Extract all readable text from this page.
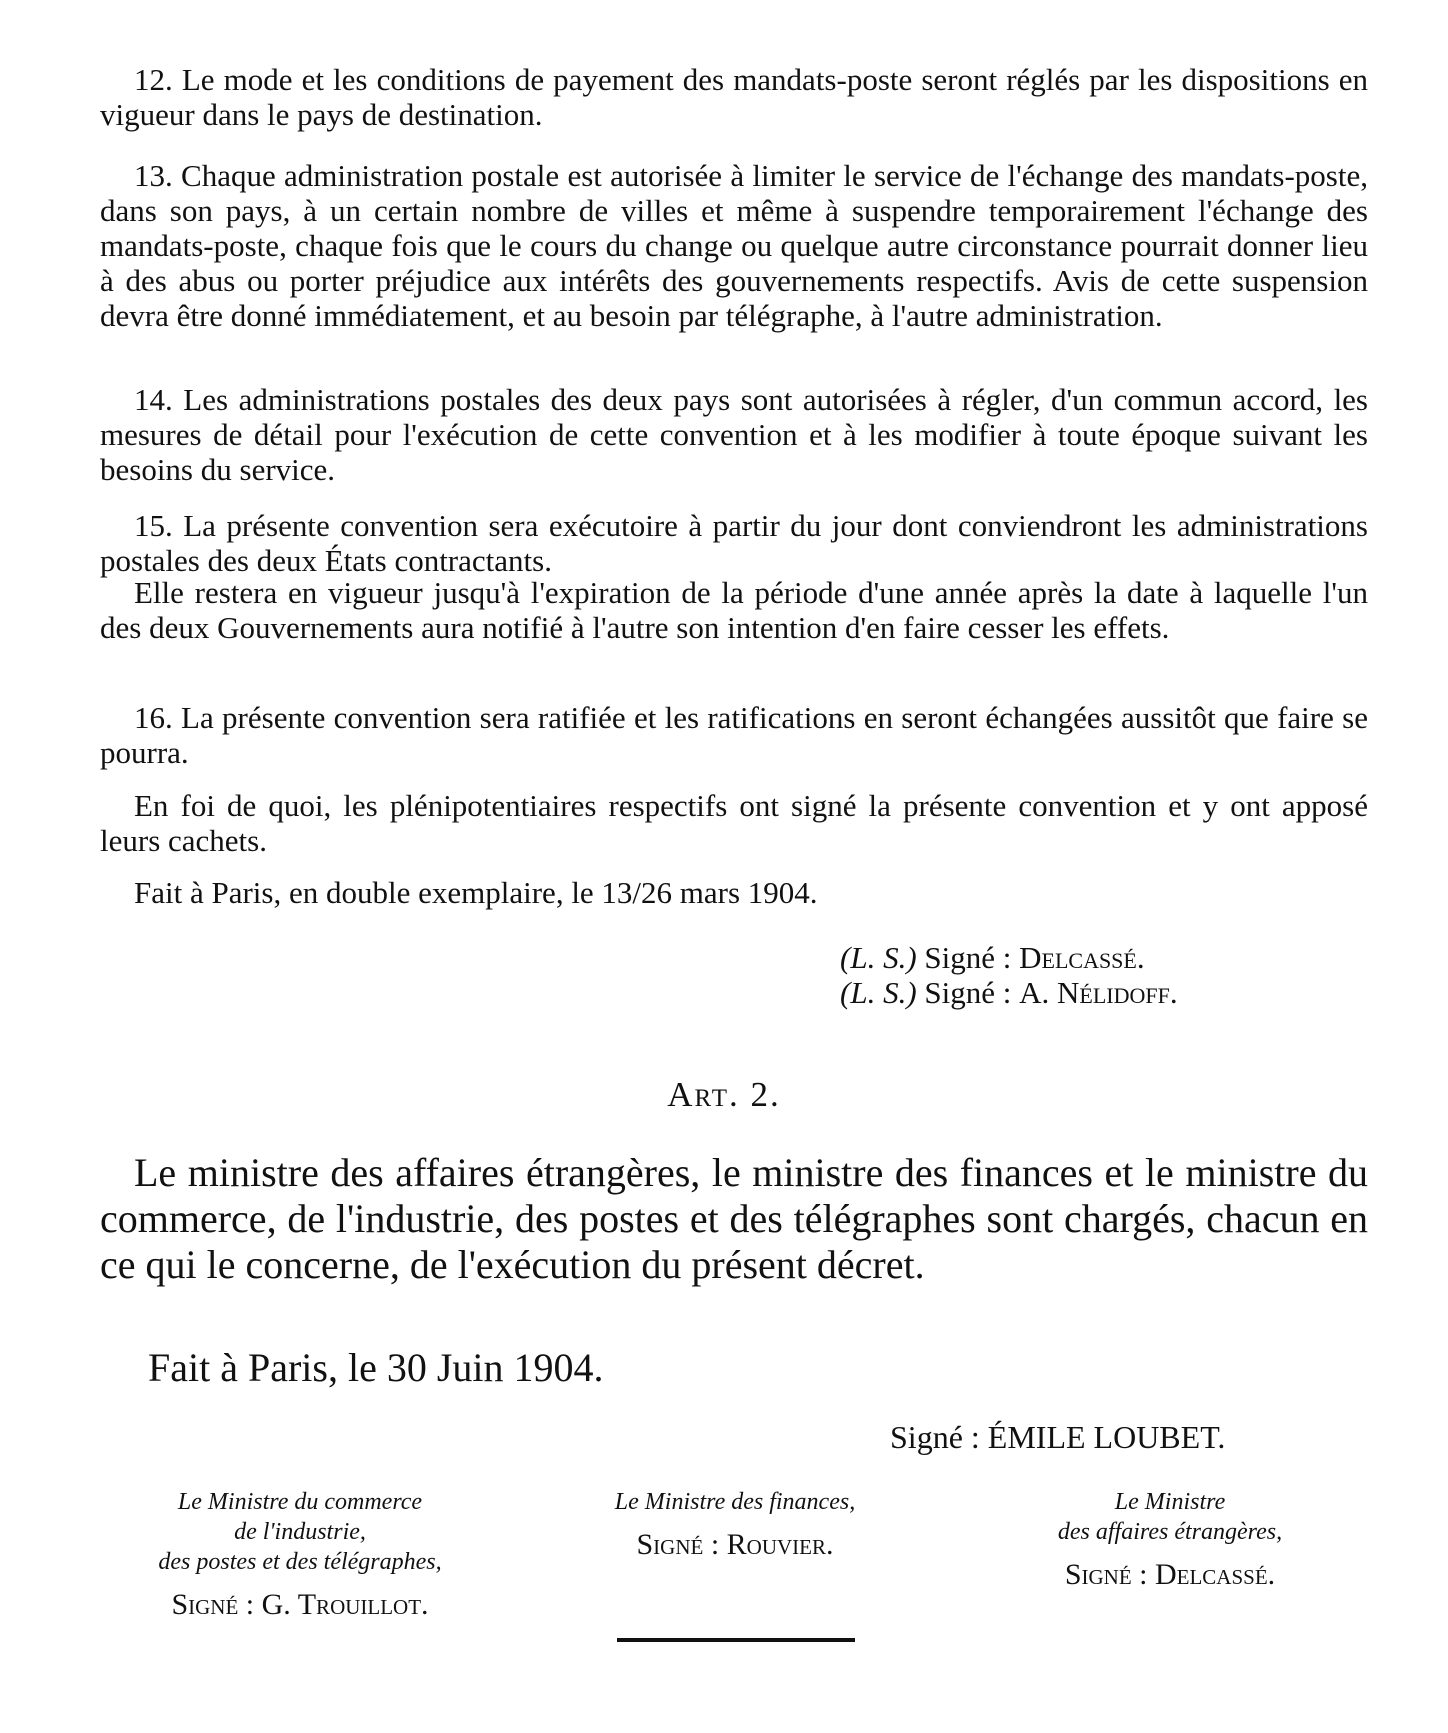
12. Le mode et les conditions de payement des mandats-poste seront réglés par les dispositions en vigueur dans le pays de destination.

13. Chaque administration postale est autorisée à limiter le service de l'échange des mandats-poste, dans son pays, à un certain nombre de villes et même à suspendre temporairement l'échange des mandats-poste, chaque fois que le cours du change ou quelque autre circonstance pourrait donner lieu à des abus ou porter préjudice aux intérêts des gouvernements respectifs. Avis de cette suspension devra être donné immédiatement, et au besoin par télégraphe, à l'autre administration.

14. Les administrations postales des deux pays sont autorisées à régler, d'un commun accord, les mesures de détail pour l'exécution de cette convention et à les modifier à toute époque suivant les besoins du service.

15. La présente convention sera exécutoire à partir du jour dont conviendront les administrations postales des deux États contractants.

Elle restera en vigueur jusqu'à l'expiration de la période d'une année après la date à laquelle l'un des deux Gouvernements aura notifié à l'autre son intention d'en faire cesser les effets.

16. La présente convention sera ratifiée et les ratifications en seront échangées aussitôt que faire se pourra.

En foi de quoi, les plénipotentiaires respectifs ont signé la présente convention et y ont apposé leurs cachets.

Fait à Paris, en double exemplaire, le 13/26 mars 1904.

(L. S.) Signé : Delcassé.
(L. S.) Signé : A. Nélidoff.
Art. 2.

Le ministre des affaires étrangères, le ministre des finances et le ministre du commerce, de l'industrie, des postes et des télégraphes sont chargés, chacun en ce qui le concerne, de l'exécution du présent décret.

Fait à Paris, le 30 Juin 1904.
Signé : ÉMILE LOUBET.
Le Ministre du commerce
de l'industrie,
des postes et des télégraphes,
Signé : G. Trouillot.
Le Ministre des finances,
Signé : Rouvier.
Le Ministre
des affaires étrangères,
Signé : Delcassé.
